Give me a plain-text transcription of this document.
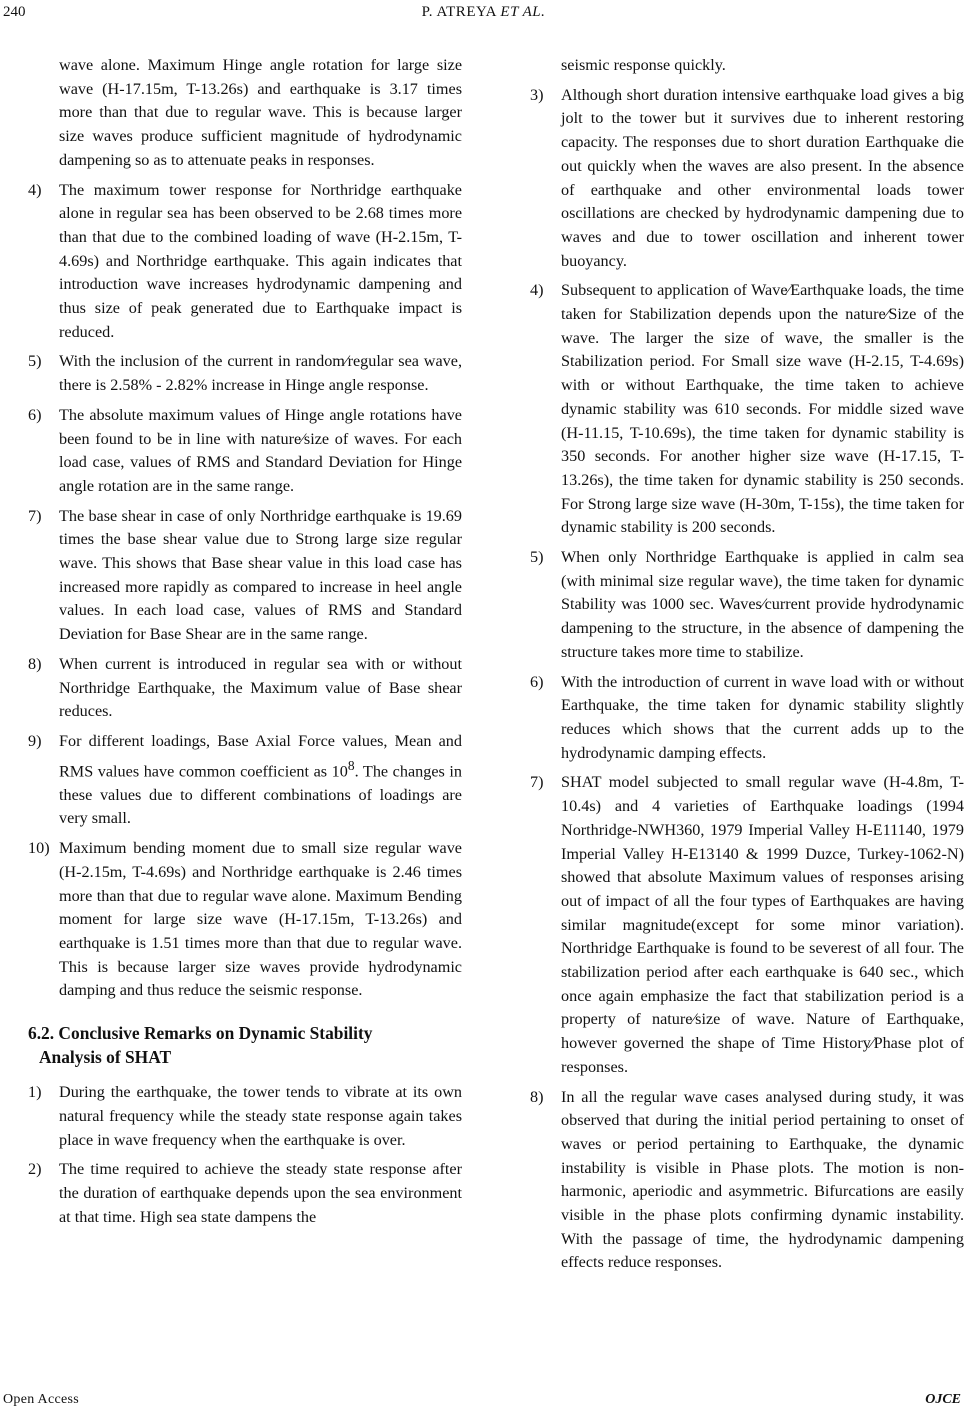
240	P. ATREYA ET AL.

wave alone. Maximum Hinge angle rotation for large size wave (H-17.15m, T-13.26s) and earthquake is 3.17 times more than that due to regular wave. This is because larger size waves produce sufficient magnitude of hydrodynamic dampening so as to attenuate peaks in responses.

4) The maximum tower response for Northridge earthquake alone in regular sea has been observed to be 2.68 times more than that due to the combined loading of wave (H-2.15m, T-4.69s) and Northridge earthquake. This again indicates that introduction wave increases hydrodynamic dampening and thus size of peak generated due to Earthquake impact is reduced.
5) With the inclusion of the current in random⁄regular sea wave, there is 2.58% - 2.82% increase in Hinge angle response.
6) The absolute maximum values of Hinge angle rotations have been found to be in line with nature⁄size of waves. For each load case, values of RMS and Standard Deviation for Hinge angle rotation are in the same range.
7) The base shear in case of only Northridge earthquake is 19.69 times the base shear value due to Strong large size regular wave. This shows that Base shear value in this load case has increased more rapidly as compared to increase in heel angle values. In each load case, values of RMS and Standard Deviation for Base Shear are in the same range.
8) When current is introduced in regular sea with or without Northridge Earthquake, the Maximum value of Base shear reduces.
9) For different loadings, Base Axial Force values, Mean and RMS values have common coefficient as $10^8$. The changes in these values due to different combinations of loadings are very small.
10) Maximum bending moment due to small size regular wave (H-2.15m, T-4.69s) and Northridge earthquake is 2.46 times more than that due to regular wave alone. Maximum Bending moment for large size wave (H-17.15m, T-13.26s) and earthquake is 1.51 times more than that due to regular wave. This is because larger size waves provide hydrodynamic damping and thus reduce the seismic response.
6.2. Conclusive Remarks on Dynamic Stability
Analysis of SHAT
1) During the earthquake, the tower tends to vibrate at its own natural frequency while the steady state response again takes place in wave frequency when the earthquake is over.
2) The time required to achieve the steady state response after the duration of earthquake depends upon the sea environment at that time. High sea state dampens the

seismic response quickly.

3) Although short duration intensive earthquake load gives a big jolt to the tower but it survives due to inherent restoring capacity. The responses due to short duration Earthquake die out quickly when the waves are also present. In the absence of earthquake and other environmental loads tower oscillations are checked by hydrodynamic dampening due to waves and due to tower oscillation and inherent tower buoyancy.
4) Subsequent to application of Wave⁄Earthquake loads, the time taken for Stabilization depends upon the nature⁄Size of the wave. The larger the size of wave, the smaller is the Stabilization period. For Small size wave (H-2.15, T-4.69s) with or without Earthquake, the time taken to achieve dynamic stability was 610 seconds. For middle sized wave (H-11.15, T-10.69s), the time taken for dynamic stability is 350 seconds. For another higher size wave (H-17.15, T-13.26s), the time taken for dynamic stability is 250 seconds. For Strong large size wave (H-30m, T-15s), the time taken for dynamic stability is 200 seconds.
5) When only Northridge Earthquake is applied in calm sea (with minimal size regular wave), the time taken for dynamic Stability was 1000 sec. Waves⁄current provide hydrodynamic dampening to the structure, in the absence of dampening the structure takes more time to stabilize.
6) With the introduction of current in wave load with or without Earthquake, the time taken for dynamic stability slightly reduces which shows that the current adds up to the hydrodynamic damping effects.
7) SHAT model subjected to small regular wave (H-4.8m, T-10.4s) and 4 varieties of Earthquake loadings (1994 Northridge-NWH360, 1979 Imperial Valley H-E11140, 1979 Imperial Valley H-E13140 & 1999 Duzce, Turkey-1062-N) showed that absolute Maximum values of responses arising out of impact of all the four types of Earthquakes are having similar magnitude(except for some minor variation). Northridge Earthquake is found to be severest of all four. The stabilization period after each earthquake is 640 sec., which once again emphasize the fact that stabilization period is a property of nature⁄size of wave. Nature of Earthquake, however governed the shape of Time History⁄Phase plot of responses.
8) In all the regular wave cases analysed during study, it was observed that during the initial period pertaining to onset of waves or period pertaining to Earthquake, the dynamic instability is visible in Phase plots. The motion is non-harmonic, aperiodic and asymmetric. Bifurcations are easily visible in the phase plots confirming dynamic instability. With the passage of time, the hydrodynamic dampening effects reduce responses.
Open Access	OJCE
